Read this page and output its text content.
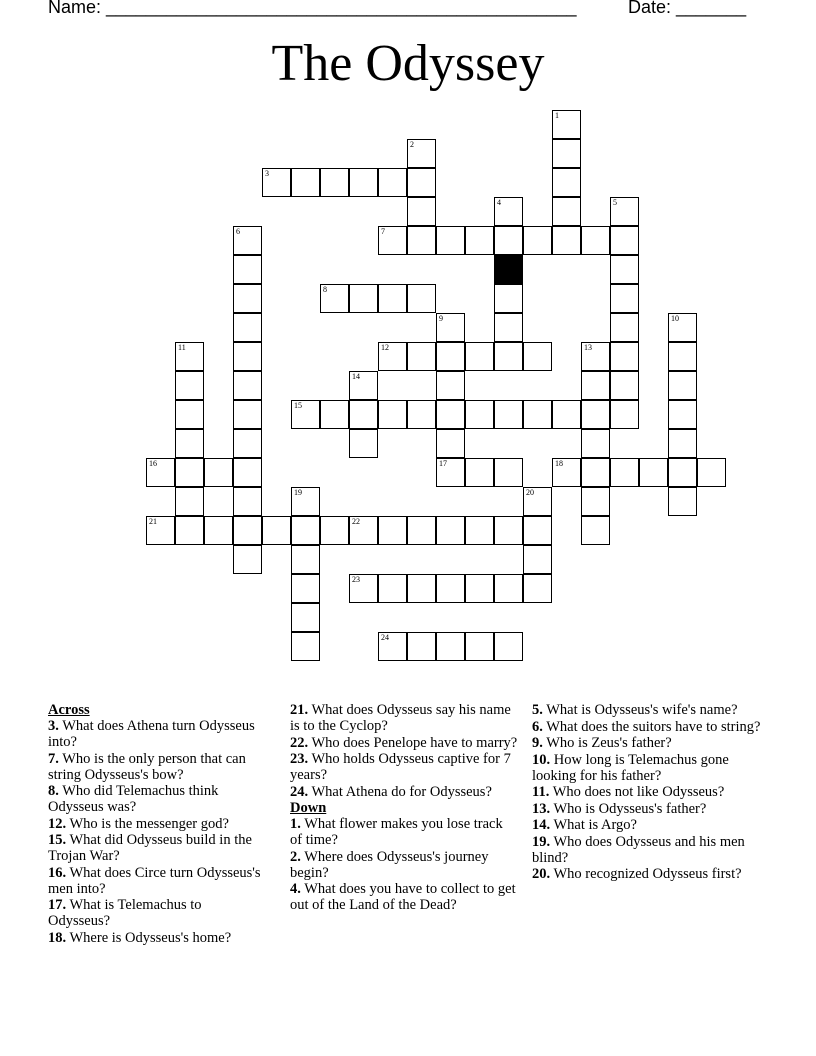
Name: _______________________________________________	Date: _______
The Odyssey
1
2
3
4	5
6	7
8
9
17
10
11	12	13
14
15
16	18
19	20
21	22
23
24
Across
3. What does Athena turn Odysseus into?
7. Who is the only person that can string Odysseus's bow?
8. Who did Telemachus think Odysseus was?
12. Who is the messenger god?
15. What did Odysseus build in the Trojan War?
16. What does Circe turn Odysseus's men into?
17. What is Telemachus to Odysseus?
18. Where is Odysseus's home?
21. What does Odysseus say his name is to the Cyclop?
22. Who does Penelope have to marry?
23. Who holds Odysseus captive for 7 years?
24. What Athena do for Odysseus?
Down
1. What flower makes you lose track of time?
2. Where does Odysseus's journey begin?
4. What does you have to collect to get out of the Land of the Dead?
5. What is Odysseus's wife's name?
6. What does the suitors have to string?
9. Who is Zeus's father?
10. How long is Telemachus gone looking for his father?
11. Who does not like Odysseus?
13. Who is Odysseus's father?
14. What is Argo?
19. Who does Odysseus and his men blind?
20. Who recognized Odysseus first?
